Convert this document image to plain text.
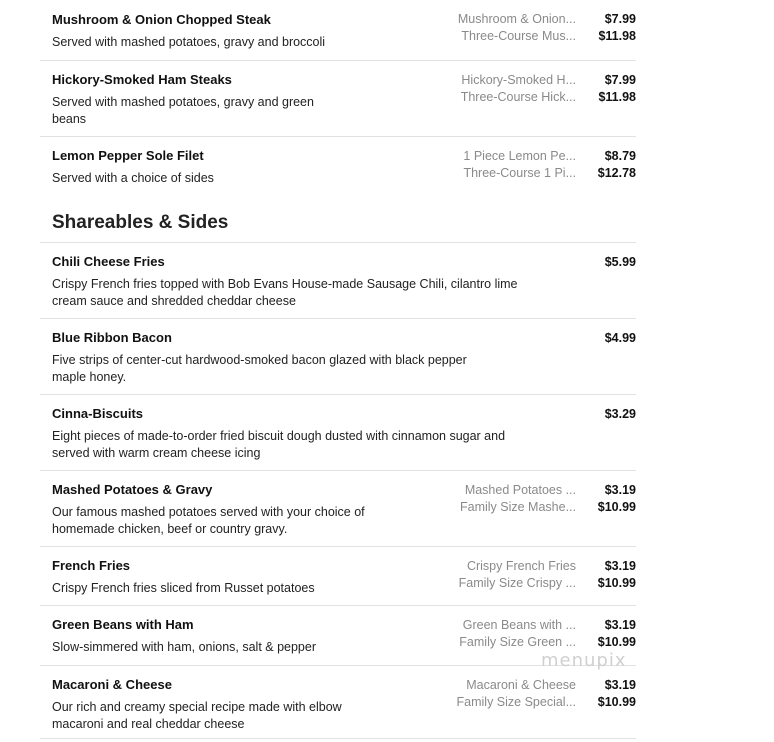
Mushroom & Onion Chopped Steak
Served with mashed potatoes, gravy and broccoli
Mushroom & Onion...
Three-Course Mus...
$7.99
$11.98
Hickory-Smoked Ham Steaks
Served with mashed potatoes, gravy and green beans
Hickory-Smoked H...
Three-Course Hick...
$7.99
$11.98
Lemon Pepper Sole Filet
Served with a choice of sides
1 Piece Lemon Pe...
Three-Course 1 Pi...
$8.79
$12.78
Shareables & Sides
Chili Cheese Fries
Crispy French fries topped with Bob Evans House-made Sausage Chili, cilantro lime cream sauce and shredded cheddar cheese
$5.99
Blue Ribbon Bacon
Five strips of center-cut hardwood-smoked bacon glazed with black pepper maple honey.
$4.99
Cinna-Biscuits
Eight pieces of made-to-order fried biscuit dough dusted with cinnamon sugar and served with warm cream cheese icing
$3.29
Mashed Potatoes & Gravy
Our famous mashed potatoes served with your choice of homemade chicken, beef or country gravy.
Mashed Potatoes ...
Family Size Mashe...
$3.19
$10.99
French Fries
Crispy French fries sliced from Russet potatoes
Crispy French Fries
Family Size Crispy ...
$3.19
$10.99
Green Beans with Ham
Slow-simmered with ham, onions, salt & pepper
Green Beans with ...
Family Size Green ...
$3.19
$10.99
Macaroni & Cheese
Our rich and creamy special recipe made with elbow macaroni and real cheddar cheese
Macaroni & Cheese
Family Size Special...
$3.19
$10.99
menupix
